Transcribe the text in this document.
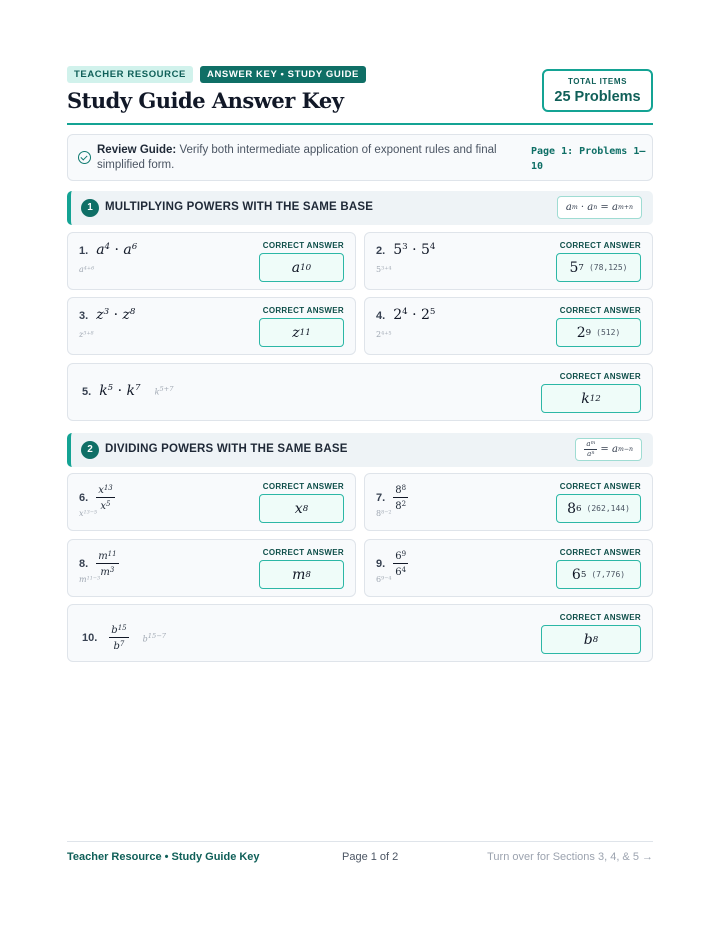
TEACHER RESOURCE	ANSWER KEY • STUDY GUIDE
Study Guide Answer Key
TOTAL ITEMS
25 Problems
Review Guide: Verify both intermediate application of exponent rules and final simplified form.
Page 1: Problems 1–10
1	MULTIPLYING POWERS WITH THE SAME BASE	a m
· a n
= a m+n
1. $a^4 \cdot a^6$
$a^{4+6}$
CORRECT ANSWER
a 10
2. $5^3 \cdot 5^4$
$5^{3+4}$
CORRECT ANSWER
5 7 (78,125)
3. $z^3 \cdot z^8$
$z^{3+8}$
CORRECT ANSWER
z 11
4. $2^4 \cdot 2^5$
$2^{4+5}$
CORRECT ANSWER
2 9 (512)
5. $k^5 \cdot k^7$ $k^{5+7}$
CORRECT ANSWER
k 12
2	DIVIDING POWERS WITH THE SAME BASE	$\frac{a^m}{a^n}$
= a m−n
6. $\frac{x^{13}}{x^5}$
$x^{13-5}$
CORRECT ANSWER
x 8
7. $\frac{8^8}{8^2}$
$8^{8-2}$
CORRECT ANSWER
8 6 (262,144)
8. $\frac{m^{11}}{m^3}$
$m^{11-3}$
CORRECT ANSWER
m 8
9. $\frac{6^9}{6^4}$
$6^{9-4}$
CORRECT ANSWER
6 5 (7,776)
10. $\frac{b^{15}}{b^7} b^{15-7}$
CORRECT ANSWER
b 8
Teacher Resource • Study Guide Key	Page 1 of 2	Turn over for Sections 3, 4, & 5 →
